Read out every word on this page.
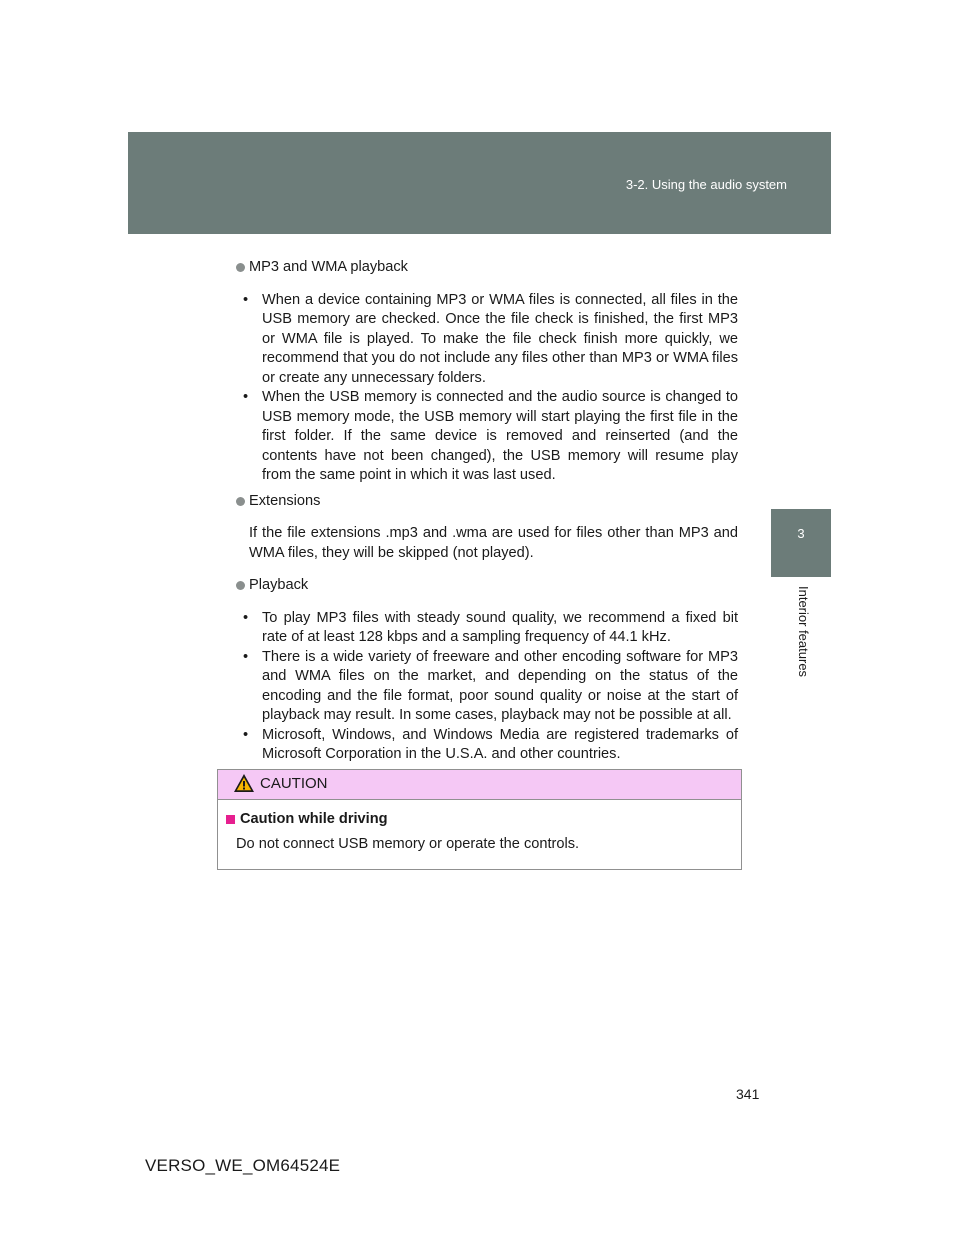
3-2. Using the audio system
3
Interior features
MP3 and WMA playback
• When a device containing MP3 or WMA files is connected, all files in the USB memory are checked. Once the file check is finished, the first MP3 or WMA file is played. To make the file check finish more quickly, we recommend that you do not include any files other than MP3 or WMA files or create any unnecessary folders.
• When the USB memory is connected and the audio source is changed to USB memory mode, the USB memory will start playing the first file in the first folder. If the same device is removed and reinserted (and the contents have not been changed), the USB memory will resume play from the same point in which it was last used.
Extensions
If the file extensions .mp3 and .wma are used for files other than MP3 and WMA files, they will be skipped (not played).
Playback
• To play MP3 files with steady sound quality, we recommend a fixed bit rate of at least 128 kbps and a sampling frequency of 44.1 kHz.
• There is a wide variety of freeware and other encoding software for MP3 and WMA files on the market, and depending on the status of the encoding and the file format, poor sound quality or noise at the start of playback may result. In some cases, playback may not be possible at all.
• Microsoft, Windows, and Windows Media are registered trademarks of Microsoft Corporation in the U.S.A. and other countries.
CAUTION
Caution while driving
Do not connect USB memory or operate the controls.
341
VERSO_WE_OM64524E
